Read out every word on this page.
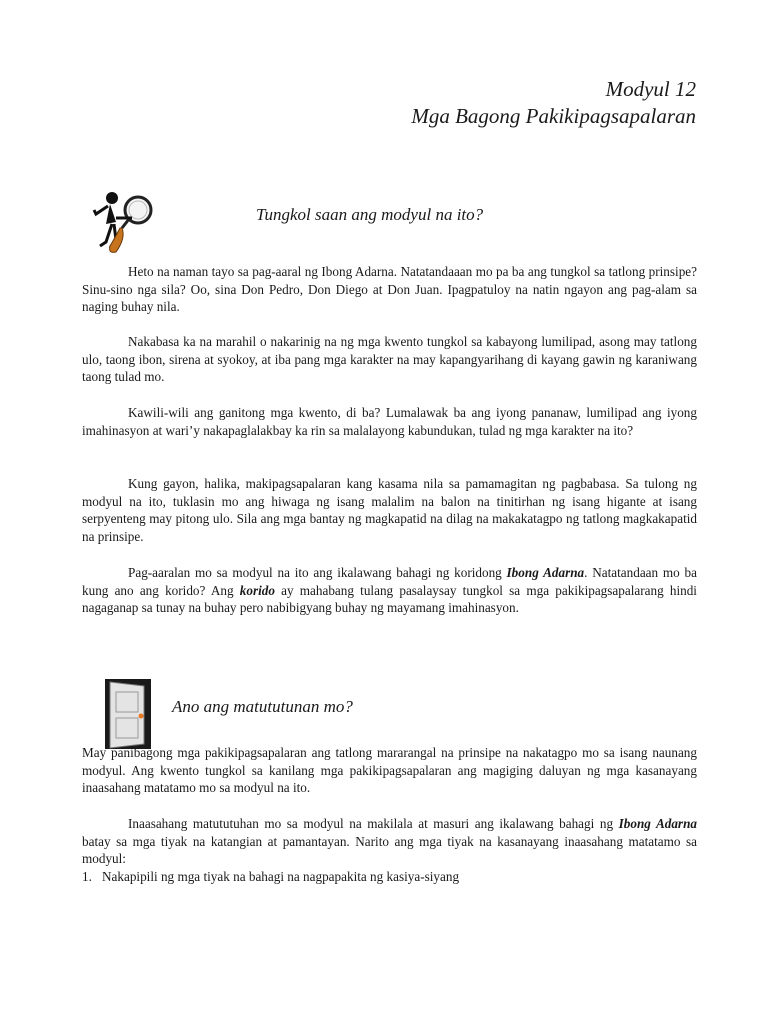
Modyul 12
Mga Bagong Pakikipagsapalaran
Tungkol saan ang modyul na ito?

Heto na naman tayo sa pag-aaral ng Ibong Adarna. Natatandaaan mo pa ba ang tungkol sa tatlong prinsipe? Sinu-sino nga sila? Oo, sina Don Pedro, Don Diego at Don Juan. Ipagpatuloy na natin ngayon ang pag-alam sa naging buhay nila.

Nakabasa ka na marahil o nakarinig na ng mga kwento tungkol sa kabayong lumilipad, asong may tatlong ulo, taong ibon, sirena at syokoy, at iba pang mga karakter na may kapangyarihang di kayang gawin ng karaniwang taong tulad mo.

Kawili-wili ang ganitong mga kwento, di ba? Lumalawak ba ang iyong pananaw, lumilipad ang iyong imahinasyon at wari’y nakapaglalakbay ka rin sa malalayong kabundukan, tulad ng mga karakter na ito?

Kung gayon, halika, makipagsapalaran kang kasama nila sa pamamagitan ng pagbabasa. Sa tulong ng modyul na ito, tuklasin mo ang hiwaga ng isang malalim na balon na tinitirhan ng isang higante at isang serpyenteng may pitong ulo. Sila ang mga bantay ng magkapatid na dilag na makakatagpo ng tatlong magkakapatid na prinsipe.

Pag-aaralan mo sa modyul na ito ang ikalawang bahagi ng koridong Ibong Adarna. Natatandaan mo ba kung ano ang korido? Ang korido ay mahabang tulang pasalaysay tungkol sa mga pakikipagsapalarang hindi nagaganap sa tunay na buhay pero nabibigyang buhay ng mayamang imahinasyon.

Ano ang matututunan mo?

May panibagong mga pakikipagsapalaran ang tatlong mararangal na prinsipe na nakatagpo mo sa isang naunang modyul. Ang kwento tungkol sa kanilang mga pakikipagsapalaran ang magiging daluyan ng mga kasanayang inaasahang matatamo mo sa modyul na ito.

Inaasahang matututuhan mo sa modyul na makilala at masuri ang ikalawang bahagi ng Ibong Adarna batay sa mga tiyak na katangian at pamantayan. Narito ang mga tiyak na kasanayang inaasahang matatamo sa modyul:

1. Nakapipili ng mga tiyak na bahagi na nagpapakita ng kasiya-siyang
